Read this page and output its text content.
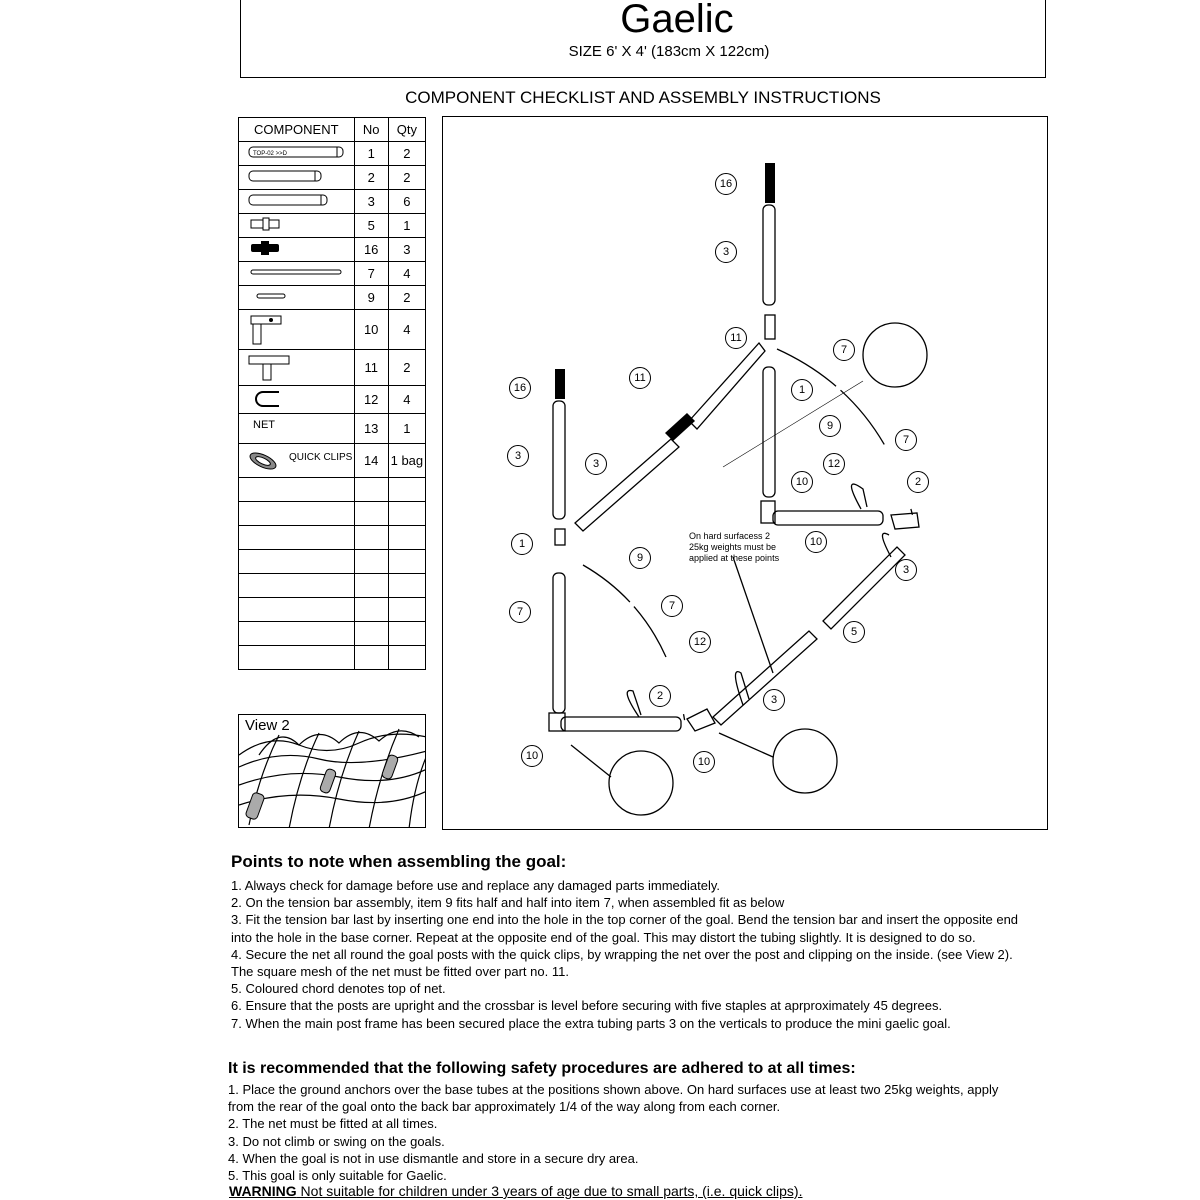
Gaelic
SIZE 6' X 4' (183cm X 122cm)
COMPONENT CHECKLIST AND ASSEMBLY INSTRUCTIONS
COMPONENT	No	Qty

TOP-02 >>D	1	2
	2	2
	3	6
	5	1
	16	3
	7	4
	9	2
	10	4
	11	2
	12	4

NET	13	1

QUICK CLIPS	14	1 bag

View 2
On hard surfacess 2
25kg weights must be
applied at these points
16
3
11
1
7
9
7
12
10	2
10
16
3
3
11
1
7
9
7
12
2
10	10
3
5
3
Points to note when assembling the goal:
1. Always check for damage before use and replace any damaged parts immediately.
2. On the tension bar assembly, item 9 fits half and half into item 7, when assembled fit as below
3. Fit the tension bar last by inserting one end into the hole in the top corner of the goal. Bend the tension bar and insert the opposite end
into the hole in the base corner. Repeat at the opposite end of the goal. This may distort the tubing slightly. It is designed to do so.
4. Secure the net all round the goal posts with the quick clips, by wrapping the net over the post and clipping on the inside. (see View 2).
The square mesh of the net must be fitted over part no. 11.
5. Coloured chord denotes top of net.
6. Ensure that the posts are upright and the crossbar is level before securing with five staples at aprproximately 45 degrees.
7. When the main post frame has been secured place the extra tubing parts 3 on the verticals to produce the mini gaelic goal.
It is recommended that the following safety procedures are adhered to at all times:
1. Place the ground anchors over the base tubes at the positions shown above. On hard surfaces use at least two 25kg weights, apply
from the rear of the goal onto the back bar approximately 1/4 of the way along from each corner.
2. The net must be fitted at all times.
3. Do not climb or swing on the goals.
4. When the goal is not in use dismantle and store in a secure dry area.
5. This goal is only suitable for Gaelic.
WARNING Not suitable for children under 3 years of age due to small parts, (i.e. quick clips).
